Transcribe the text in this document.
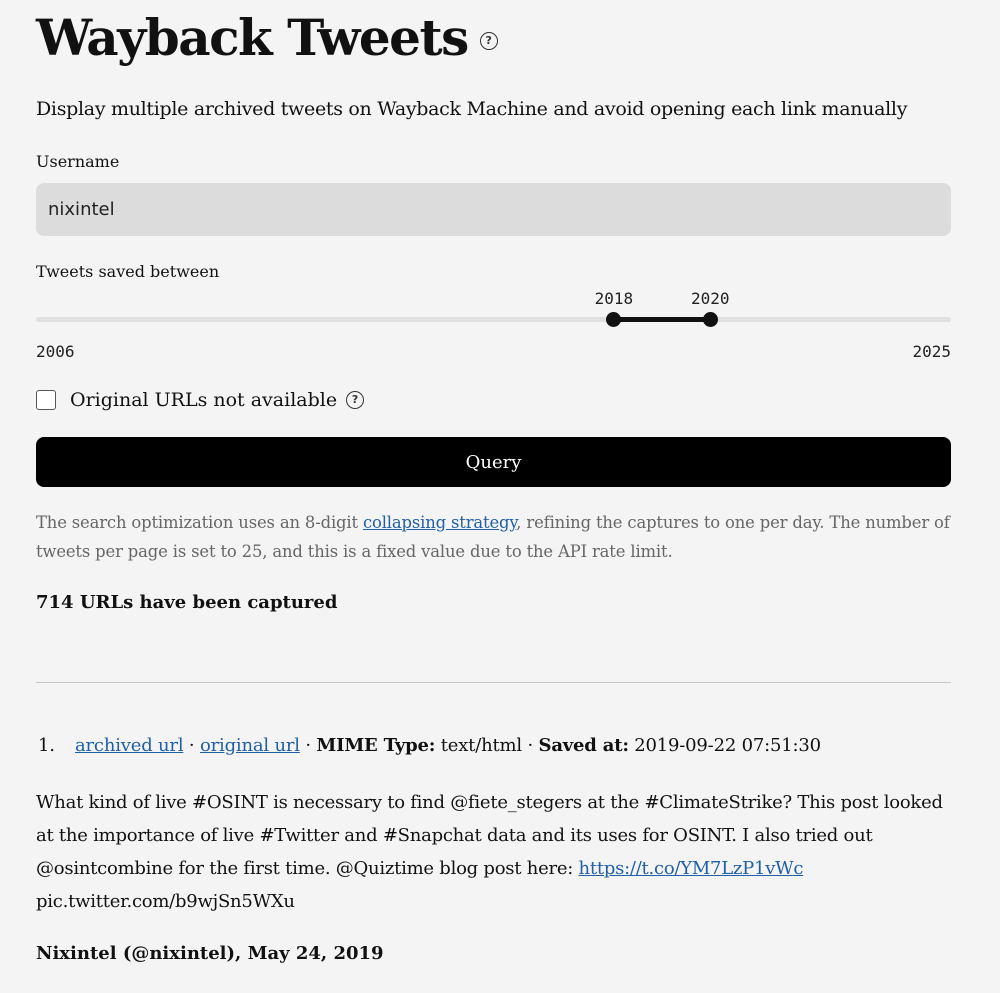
Wayback Tweets	?
Display multiple archived tweets on Wayback Machine and avoid opening each link manually
Username
nixintel
Tweets saved between
2018	2020
2006	2025
Original URLs not available	?
Query
The search optimization uses an 8-digit collapsing strategy, refining the captures to one per day. The number of tweets per page is set to 25, and this is a fixed value due to the API rate limit.
714 URLs have been captured
1. archived url · original url · MIME Type: text/html · Saved at: 2019-09-22 07:51:30
What kind of live #OSINT is necessary to find @fiete_stegers at the #ClimateStrike? This post looked at the importance of live #Twitter and #Snapchat data and its uses for OSINT. I also tried out @osintcombine for the first time. @Quiztime blog post here: https://t.co/YM7LzP1vWc
pic.twitter.com/b9wjSn5WXu
Nixintel (@nixintel), May 24, 2019
